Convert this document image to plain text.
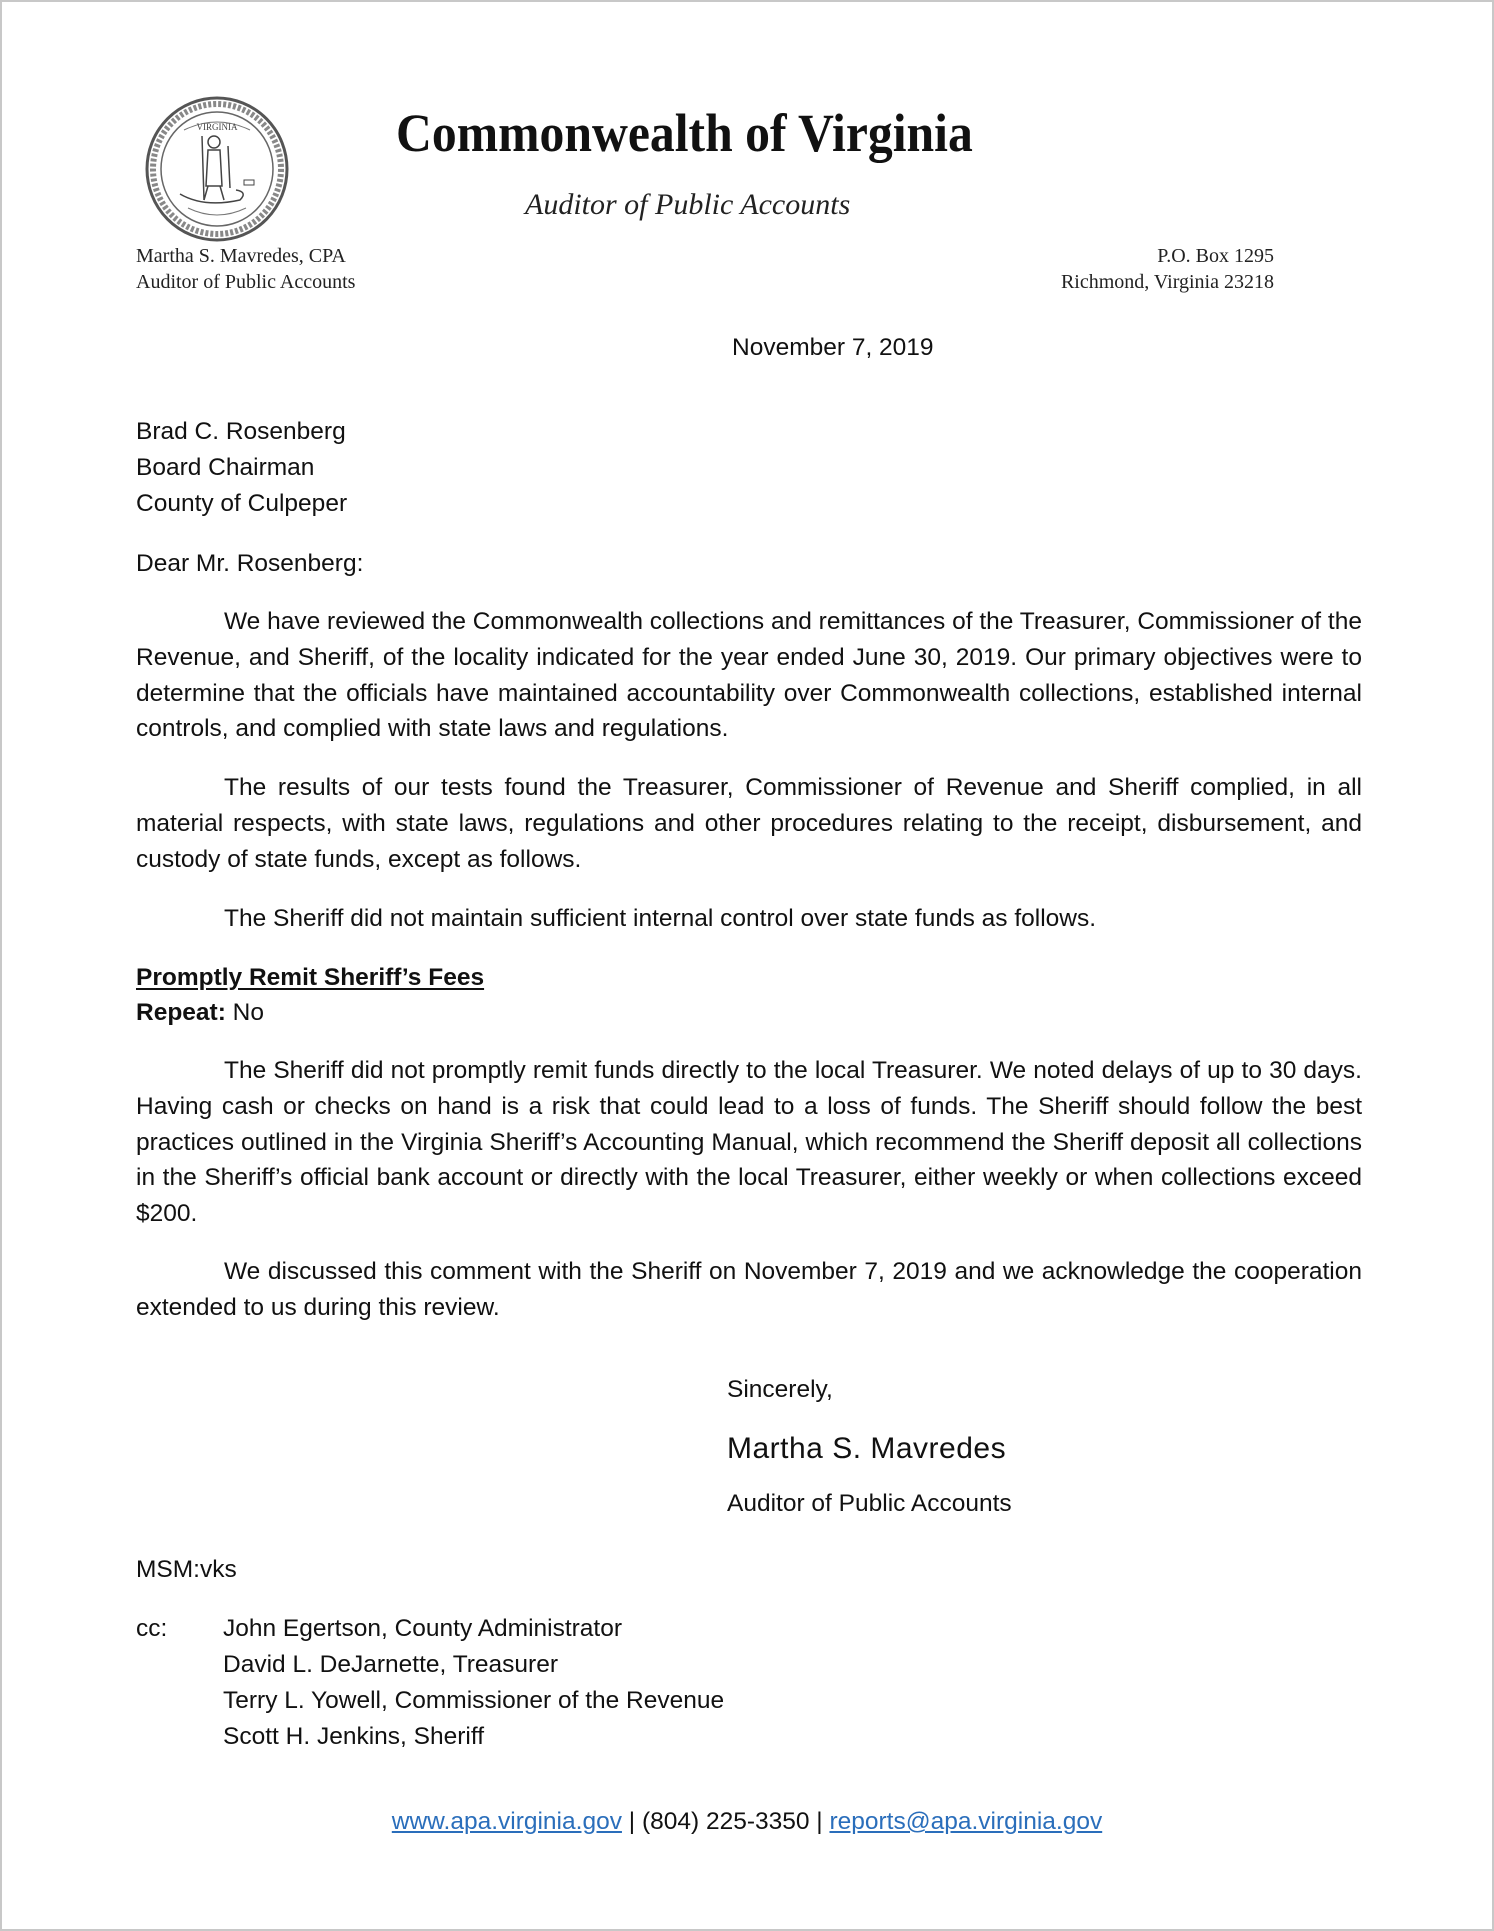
VIRGINIA	Commonwealth of Virginia
Auditor of Public Accounts
Martha S. Mavredes, CPA
Auditor of Public Accounts
P.O. Box 1295
Richmond, Virginia 23218
November 7, 2019
Brad C. Rosenberg
Board Chairman
County of Culpeper
Dear Mr. Rosenberg:
We have reviewed the Commonwealth collections and remittances of the Treasurer, Commissioner of the Revenue, and Sheriff, of the locality indicated for the year ended June 30, 2019. Our primary objectives were to determine that the officials have maintained accountability over Commonwealth collections, established internal controls, and complied with state laws and regulations.
The results of our tests found the Treasurer, Commissioner of Revenue and Sheriff complied, in all material respects, with state laws, regulations and other procedures relating to the receipt, disbursement, and custody of state funds, except as follows.
The Sheriff did not maintain sufficient internal control over state funds as follows.
Promptly Remit Sheriff’s Fees
Repeat: No
The Sheriff did not promptly remit funds directly to the local Treasurer. We noted delays of up to 30 days. Having cash or checks on hand is a risk that could lead to a loss of funds. The Sheriff should follow the best practices outlined in the Virginia Sheriff’s Accounting Manual, which recommend the Sheriff deposit all collections in the Sheriff’s official bank account or directly with the local Treasurer, either weekly or when collections exceed $200.
We discussed this comment with the Sheriff on November 7, 2019 and we acknowledge the cooperation extended to us during this review.
Sincerely,
Martha S. Mavredes
Auditor of Public Accounts
MSM:vks
cc: John Egertson, County Administrator
David L. DeJarnette, Treasurer
Terry L. Yowell, Commissioner of the Revenue
Scott H. Jenkins, Sheriff
www.apa.virginia.gov | (804) 225-3350 | reports@apa.virginia.gov
